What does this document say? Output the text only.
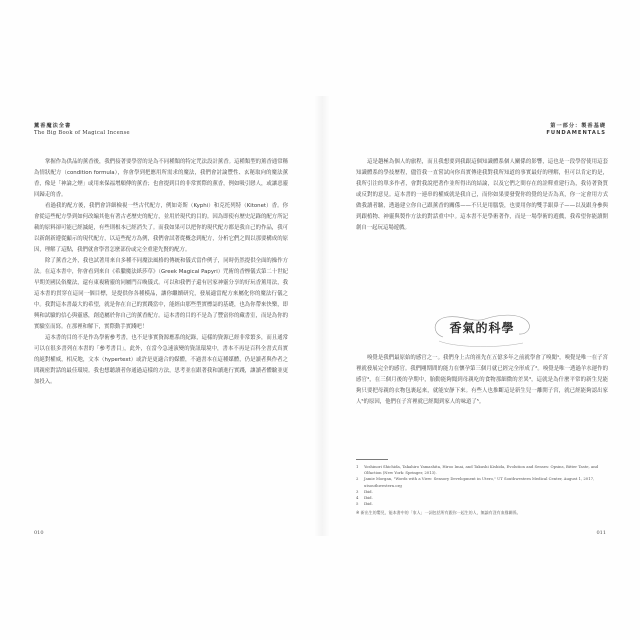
薰香魔法全書
The Big Book of Magical Incense

掌握作為供品的薰香後，我們接著要學習的是為不同種類的特定咒法設計薰香。這種類型的薰香通常稱為情狀配方（condition formula），你會學到把應用所需求的魔法，我們會討論豐性、玄秘取向的魔法薰香，像是「神論之煙」或用來保福增願傳的薰香；也會提到目的非常實際的薰香，例如吸引戀人，或讓惡靈回歸走的香。

看過我的配方後，我們會詳細檢視一些古代配方，例如奇斯（Kyphi）和克托列特（Kitonet）香。你會從這些配方學到如何改編其他有著古老歷史的配方，並用於現代的目的。因為即使有歷史記錄的配方所記載的原料卻可能已經滅絕，有些則根本已經消失了。而我如果可以把你的現代配方都是我自己的作品，我可以新創新遵從顯示的現代配方，以這些配方為例，我們會試著從概念到配方，分析它們之間以那要構成的原因，理解了這點，我們就會學習怎麼部份或完全重建先賢的配方。

除了薰香之外，我也試著用來自多種不同魔法風格的傳統和儀式當作例子，同時仍然提供全面的操作方法。在這本書中，你會看到來自《希臘魔法紙莎草》（Greek Magical Papyri）咒術的香煙儀式第二十世紀早期美國民俗魔法，還有東複精靈的同屬門召喚儀式。可以和我們子還有居家神靈分享的好玩香薰用法，我這本書的貫穿在這同一個目標，是提供你各種模品，讓你繼續研究，發展適當配方來屬化你的魔法行儀之中。我對這本書最大的希望，就是你在自己的實踐當中，能經由那些型實標誌的基礎，也為你帶來快樂，即興和試驗的信心與靈感，創造屬於你自己的薰香配方。這本書的目的不是為了豐富你的藏書室，而是為你的實驗室而寫。在那裡和解下，實際動手實踐吧！

這本書的目的不是作為學術參考書，也不是事實資源應系的紀錄，這樣的資源已經非常繁多，而且通常可以在很多書列在本書的「參考書目」，此外，在當今急速演變的資訊環境中，書本不再是百科全書式真實的絕對權威，相反地，文本（hypertext）或許是更適合的媒體，不過書本在這種媒體，仍是讀者與作者之間親密對話的最佳環境。我也想聽讀者你通過這樣的方法，思考並在跟著我和讀進行實踐，讓讀者體驗並更加投入。

010
第一部分：製香基礎
FUNDAMENTALS

這是趟極為個人的旅程，而且我想要到我跟這個知識體系個人關係的影響，這也是一段學習使用這套知識體系的學技歷程，儘管我一直嘗試向你真實傳達我對我所知道的事實最好的理解，但可以肯定的是，我所引注的單多作者，會對我說把著作並所得出的結論，以及它們之間存在的詮釋重建行為，我待著資質或反對的意見。這本書的一連串的權威就是我自己，而你如果要發覺你的覺的是否為真，你一定會用方式做我讀者驗，透過建立你自己跟薰香的關係——不只是用腦袋，也要用你的雙手跟鼻子——以及跟身參與到跟植物、神靈與製作方法的對話重中中。這本書不是學術著作，而是一場學術的遊戲，我希望你能讀開創自一起玩這場遊戲。

香氣的科學

嗅覺是我們最原始的感官之一。我們身上古的祖先在五億多年之前就學會了嗅聞¹，嗅覺是唯一在子宮裡就發展完全的感官。我們剛期間的能力在懷孕第三個月就已經完全形成了²。嗅覺是唯一透過羊水運作的感官⁴，在三個月後的孕期中，胎動能夠聞到母親吃的食物那細微的差異³，這就是為什麼平常的新生兒能夠只要把母親的衣物包裹起來，就能安靜下來。有些人也推斷這是新生兒一離開子宮，就已經能夠認出家人⁵的原因，他們在子宮裡就已經聞到家人的味道了⁵。

1	Yoshinori Shichida, Takahiro Yamashita, Hiroo Imai, and Takushi Kishida, Evolution and Senses: Opsins, Bitter Taste, and Olfaction (New York: Springer, 2013).
2	Jamie Morgan, "Words with a View: Sensory Development in Utero," UT Southwestern Medical Center, August 1, 2017, utsouthwestern.org
3	Ibid.
4	Ibid.
5	Ibid.
※ 新出生的嬰兒，能本書中的「家人」一詞包括所有跟你一起生的人，無論有沒有血緣關係。
011
